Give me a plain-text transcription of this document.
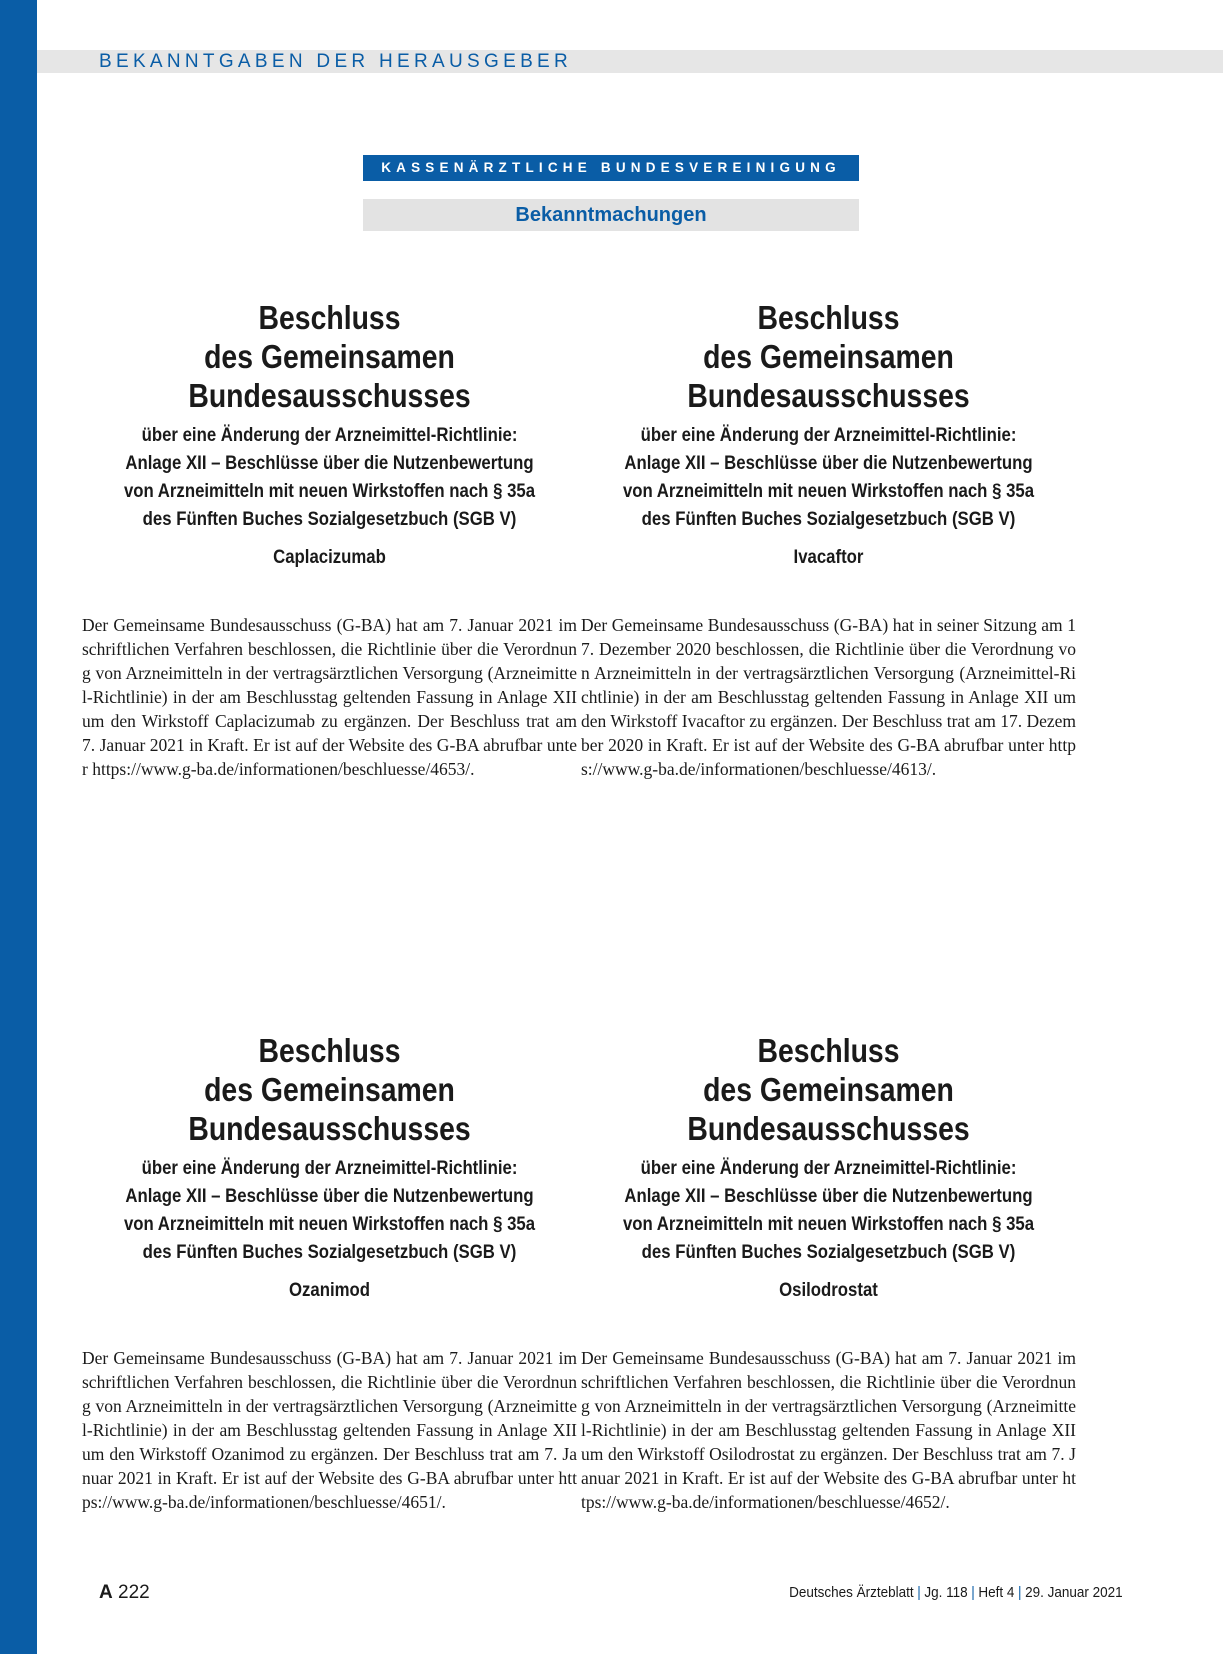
BEKANNTGABEN DER HERAUSGEBER
KASSENÄRZTLICHE BUNDESVEREINIGUNG
Bekanntmachungen
Beschluss
des Gemeinsamen Bundesausschusses
über eine Änderung der Arzneimittel-Richtlinie: Anlage XII – Beschlüsse über die Nutzenbewertung von Arzneimitteln mit neuen Wirkstoffen nach § 35a des Fünften Buches Sozialgesetzbuch (SGB V)
Caplacizumab
Der Gemeinsame Bundesausschuss (G-BA) hat am 7. Januar 2021 im schriftlichen Verfahren beschlossen, die Richtlinie über die Verordnung von Arzneimitteln in der vertragsärztlichen Versorgung (Arzneimittel-Richtlinie) in der am Beschlusstag geltenden Fassung in Anlage XII um den Wirkstoff Caplacizumab zu ergänzen. Der Beschluss trat am 7. Januar 2021 in Kraft. Er ist auf der Website des G-BA abrufbar unter https://www.g-ba.de/informationen/beschluesse/4653/.
Beschluss
des Gemeinsamen Bundesausschusses
über eine Änderung der Arzneimittel-Richtlinie: Anlage XII – Beschlüsse über die Nutzenbewertung von Arzneimitteln mit neuen Wirkstoffen nach § 35a des Fünften Buches Sozialgesetzbuch (SGB V)
Ivacaftor
Der Gemeinsame Bundesausschuss (G-BA) hat in seiner Sitzung am 17. Dezember 2020 beschlossen, die Richtlinie über die Verordnung von Arzneimitteln in der vertragsärztlichen Versorgung (Arzneimittel-Richtlinie) in der am Beschlusstag geltenden Fassung in Anlage XII um den Wirkstoff Ivacaftor zu ergänzen. Der Beschluss trat am 17. Dezember 2020 in Kraft. Er ist auf der Website des G-BA abrufbar unter https://www.g-ba.de/informationen/beschluesse/4613/.
Beschluss
des Gemeinsamen Bundesausschusses
über eine Änderung der Arzneimittel-Richtlinie: Anlage XII – Beschlüsse über die Nutzenbewertung von Arzneimitteln mit neuen Wirkstoffen nach § 35a des Fünften Buches Sozialgesetzbuch (SGB V)
Ozanimod
Der Gemeinsame Bundesausschuss (G-BA) hat am 7. Januar 2021 im schriftlichen Verfahren beschlossen, die Richtlinie über die Verordnung von Arzneimitteln in der vertragsärztlichen Versorgung (Arzneimittel-Richtlinie) in der am Beschlusstag geltenden Fassung in Anlage XII um den Wirkstoff Ozanimod zu ergänzen. Der Beschluss trat am 7. Januar 2021 in Kraft. Er ist auf der Website des G-BA abrufbar unter https://www.g-ba.de/informationen/beschluesse/4651/.
Beschluss
des Gemeinsamen Bundesausschusses
über eine Änderung der Arzneimittel-Richtlinie: Anlage XII – Beschlüsse über die Nutzenbewertung von Arzneimitteln mit neuen Wirkstoffen nach § 35a des Fünften Buches Sozialgesetzbuch (SGB V)
Osilodrostat
Der Gemeinsame Bundesausschuss (G-BA) hat am 7. Januar 2021 im schriftlichen Verfahren beschlossen, die Richtlinie über die Verordnung von Arzneimitteln in der vertragsärztlichen Versorgung (Arzneimittel-Richtlinie) in der am Beschlusstag geltenden Fassung in Anlage XII um den Wirkstoff Osilodrostat zu ergänzen. Der Beschluss trat am 7. Januar 2021 in Kraft. Er ist auf der Website des G-BA abrufbar unter https://www.g-ba.de/informationen/beschluesse/4652/.
A 222	Deutsches Ärzteblatt | Jg. 118 | Heft 4 | 29. Januar 2021
